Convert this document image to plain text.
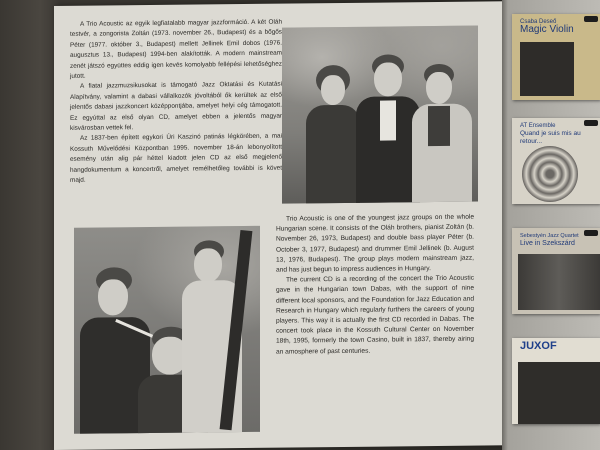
A Trio Acoustic az egyik legfiatalabb magyar jazzformáció. A két Oláh testvér, a zongorista Zoltán (1973. november 26., Budapest) és a bőgős Péter (1977. október 3., Budapest) mellett Jellinek Emil dobos (1976. augusztus 13., Budapest) 1994-ben alakították. A modern mainstream zenét játszó együttes eddig igen kevés komolyabb fellépési lehetőséghez jutott.

A fiatal jazzmuzsikusokat is támogató Jazz Oktatási és Kutatási Alapítvány, valamint a dabasi vállalkozók jóvoltából ők kerültek az első jelentős dabasi jazzkoncert középpontjába, amelyet helyi cég támogatott. Ez egyúttal az első olyan CD, amelyet ebben a jelentős magyar kisvárosban vettek fel.

Az 1837-ben épített egykori Úri Kaszinó patinás légkörében, a mai Kossuth Művelődési Központban 1995. november 18-án lebonyolított esemény után alig pár héttel kiadott jelen CD az első megjelenő hangdokumentum a koncertről, amelyet remélhetőleg további is követ majd.

Trio Acoustic is one of the youngest jazz groups on the whole Hungarian scene. It consists of the Oláh brothers, pianist Zoltán (b. November 26, 1973, Budapest) and double bass player Péter (b. October 3, 1977, Budapest) and drummer Emil Jellinek (b. August 13, 1976, Budapest). The group plays modern mainstream jazz, and has just begun to impress audiences in Hungary.

The current CD is a recording of the concert the Trio Acoustic gave in the Hungarian town Dabas, with the support of nine different local sponsors, and the Foundation for Jazz Education and Research in Hungary which regularly furthers the careers of young players. This way it is actually the first CD recorded in Dabas. The concert took place in the Kossuth Cultural Center on November 18th, 1995, formerly the town Casino, built in 1837, thereby airing an amosphere of past centuries.

Csaba Deseő
Magic Violin
AT Ensemble
Quand je suis mis au retour...
Sebestyén Jazz Quartet
Live in Szekszárd
JUXOF
